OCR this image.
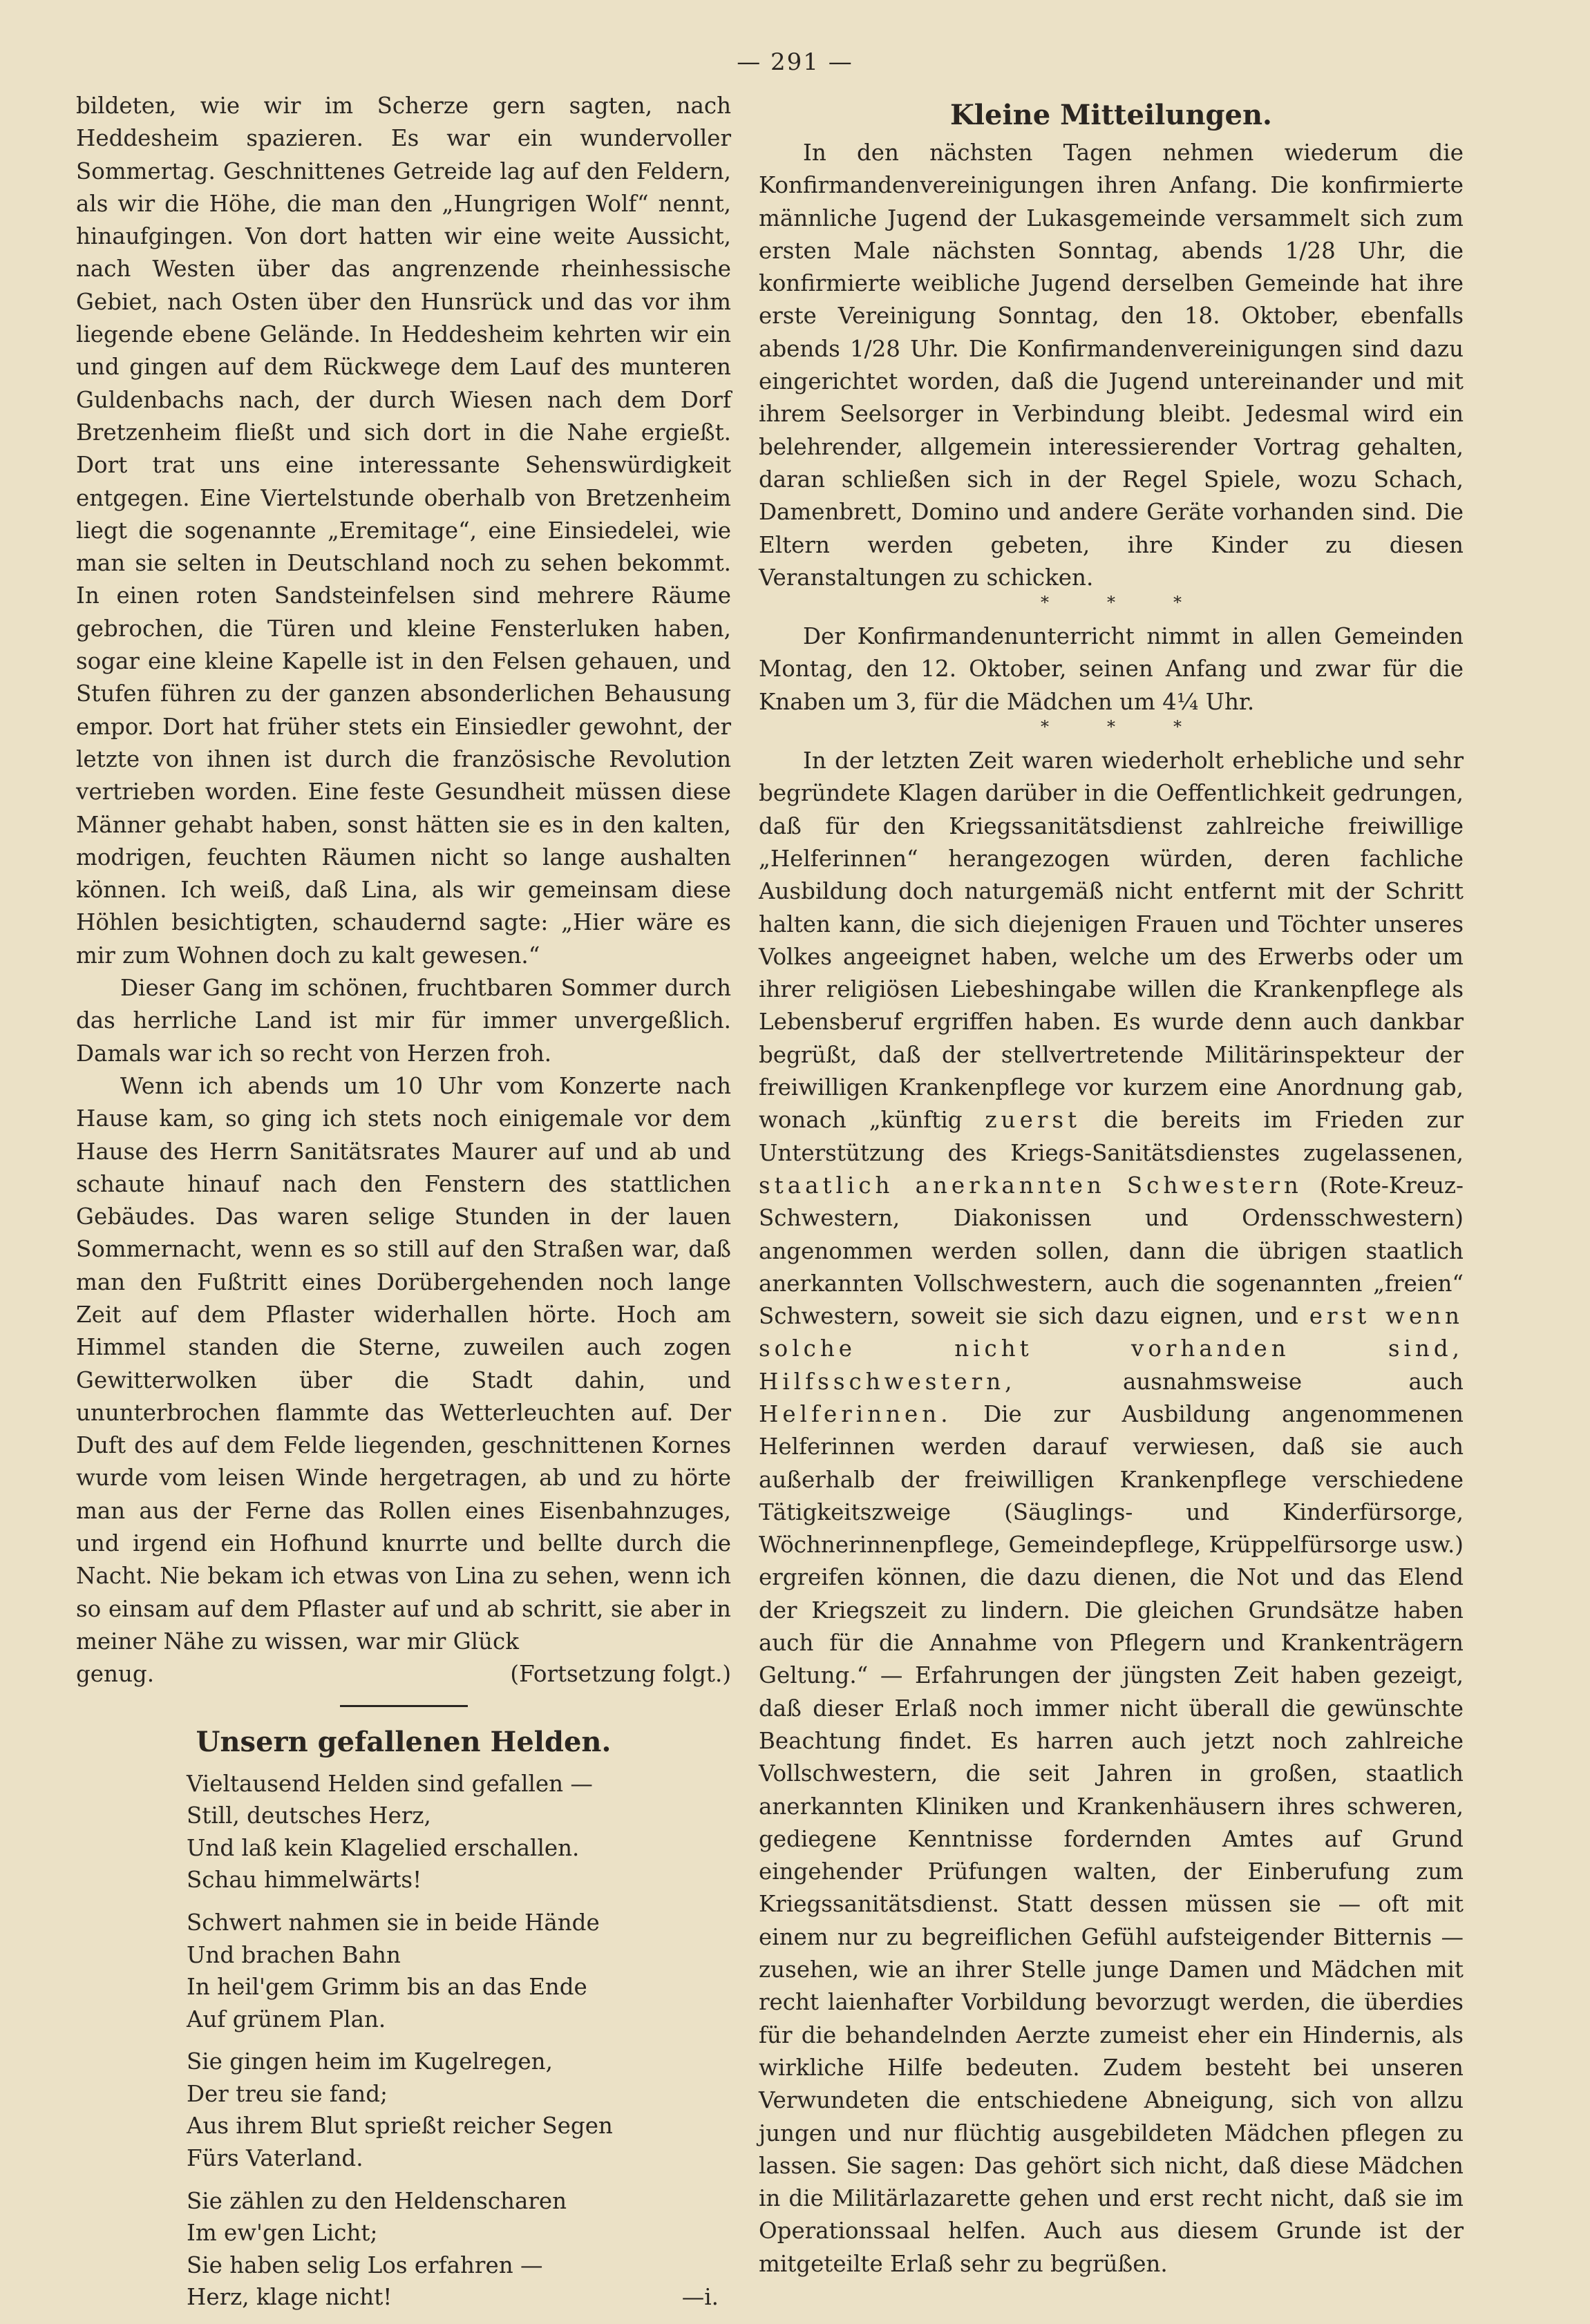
— 291 —

bildeten, wie wir im Scherze gern sagten, nach Heddesheim spazieren. Es war ein wundervoller Sommertag. Geschnittenes Getreide lag auf den Feldern, als wir die Höhe, die man den „Hungrigen Wolf“ nennt, hinaufgingen. Von dort hatten wir eine weite Aussicht, nach Westen über das angrenzende rheinhessische Gebiet, nach Osten über den Hunsrück und das vor ihm liegende ebene Gelände. In Heddesheim kehrten wir ein und gingen auf dem Rückwege dem Lauf des munteren Guldenbachs nach, der durch Wiesen nach dem Dorf Bretzenheim fließt und sich dort in die Nahe ergießt. Dort trat uns eine interessante Sehenswürdigkeit entgegen. Eine Viertelstunde oberhalb von Bretzenheim liegt die sogenannte „Eremitage“, eine Einsiedelei, wie man sie selten in Deutschland noch zu sehen bekommt. In einen roten Sandsteinfelsen sind mehrere Räume gebrochen, die Türen und kleine Fensterluken haben, sogar eine kleine Kapelle ist in den Felsen gehauen, und Stufen führen zu der ganzen absonderlichen Behausung empor. Dort hat früher stets ein Einsiedler gewohnt, der letzte von ihnen ist durch die französische Revolution vertrieben worden. Eine feste Gesundheit müssen diese Männer gehabt haben, sonst hätten sie es in den kalten, modrigen, feuchten Räumen nicht so lange aushalten können. Ich weiß, daß Lina, als wir gemeinsam diese Höhlen besichtigten, schaudernd sagte: „Hier wäre es mir zum Wohnen doch zu kalt gewesen.“

Dieser Gang im schönen, fruchtbaren Sommer durch das herrliche Land ist mir für immer unvergeßlich. Damals war ich so recht von Herzen froh.

Wenn ich abends um 10 Uhr vom Konzerte nach Hause kam, so ging ich stets noch einigemale vor dem Hause des Herrn Sanitätsrates Maurer auf und ab und schaute hinauf nach den Fenstern des stattlichen Gebäudes. Das waren selige Stunden in der lauen Sommernacht, wenn es so still auf den Straßen war, daß man den Fußtritt eines Dorübergehenden noch lange Zeit auf dem Pflaster widerhallen hörte. Hoch am Himmel standen die Sterne, zuweilen auch zogen Gewitterwolken über die Stadt dahin, und ununterbrochen flammte das Wetterleuchten auf. Der Duft des auf dem Felde liegenden, geschnittenen Kornes wurde vom leisen Winde hergetragen, ab und zu hörte man aus der Ferne das Rollen eines Eisenbahnzuges, und irgend ein Hofhund knurrte und bellte durch die Nacht. Nie bekam ich etwas von Lina zu sehen, wenn ich so einsam auf dem Pflaster auf und ab schritt, sie aber in meiner Nähe zu wissen, war mir Glück

genug.	(Fortsetzung folgt.)
Unsern gefallenen Helden.
Vieltausend Helden sind gefallen —
Still, deutsches Herz,
Und laß kein Klagelied erschallen.
Schau himmelwärts!
Schwert nahmen sie in beide Hände
Und brachen Bahn
In heil'gem Grimm bis an das Ende
Auf grünem Plan.
Sie gingen heim im Kugelregen,
Der treu sie fand;
Aus ihrem Blut sprießt reicher Segen
Fürs Vaterland.
Sie zählen zu den Heldenscharen
Im ew'gen Licht;
Sie haben selig Los erfahren —
Herz, klage nicht!	—i.
Kleine Mitteilungen.

In den nächsten Tagen nehmen wiederum die Konfirmandenvereinigungen ihren Anfang. Die konfirmierte männliche Jugend der Lukasgemeinde versammelt sich zum ersten Male nächsten Sonntag, abends 1/28 Uhr, die konfirmierte weibliche Jugend derselben Gemeinde hat ihre erste Vereinigung Sonntag, den 18. Oktober, ebenfalls abends 1/28 Uhr. Die Konfirmandenvereinigungen sind dazu eingerichtet worden, daß die Jugend untereinander und mit ihrem Seelsorger in Verbindung bleibt. Jedesmal wird ein belehrender, allgemein interessierender Vortrag gehalten, daran schließen sich in der Regel Spiele, wozu Schach, Damenbrett, Domino und andere Geräte vorhanden sind. Die Eltern werden gebeten, ihre Kinder zu diesen Veranstaltungen zu schicken.

*	*	*

Der Konfirmandenunterricht nimmt in allen Gemeinden Montag, den 12. Oktober, seinen Anfang und zwar für die Knaben um 3, für die Mädchen um 4¼ Uhr.

*	*	*

In der letzten Zeit waren wiederholt erhebliche und sehr begründete Klagen darüber in die Oeffentlichkeit gedrungen, daß für den Kriegssanitätsdienst zahlreiche freiwillige „Helferinnen“ herangezogen würden, deren fachliche Ausbildung doch naturgemäß nicht entfernt mit der Schritt halten kann, die sich diejenigen Frauen und Töchter unseres Volkes angeeignet haben, welche um des Erwerbs oder um ihrer religiösen Liebeshingabe willen die Krankenpflege als Lebensberuf ergriffen haben. Es wurde denn auch dankbar begrüßt, daß der stellvertretende Militärinspekteur der freiwilligen Krankenpflege vor kurzem eine Anordnung gab, wonach „künftig zuerst die bereits im Frieden zur Unterstützung des Kriegs-Sanitätsdienstes zugelassenen, staatlich anerkannten Schwestern (Rote-Kreuz-Schwestern, Diakonissen und Ordensschwestern) angenommen werden sollen, dann die übrigen staatlich anerkannten Vollschwestern, auch die sogenannten „freien“ Schwestern, soweit sie sich dazu eignen, und erst wenn solche nicht vorhanden sind, Hilfsschwestern,	ausnahmsweise auch Helferinnen. Die zur Ausbildung angenommenen Helferinnen werden darauf verwiesen, daß sie auch außerhalb der freiwilligen Krankenpflege verschiedene Tätigkeitszweige (Säuglings- und Kinderfürsorge, Wöchnerinnenpflege, Gemeindepflege, Krüppelfürsorge usw.) ergreifen können, die dazu dienen, die Not und das Elend der Kriegszeit zu lindern. Die gleichen Grundsätze haben auch für die Annahme von Pflegern und Krankenträgern Geltung.“ — Erfahrungen der jüngsten Zeit haben gezeigt, daß dieser Erlaß noch immer nicht überall die gewünschte Beachtung findet. Es harren auch jetzt noch zahlreiche Vollschwestern, die seit Jahren in großen, staatlich anerkannten Kliniken und Krankenhäusern ihres schweren, gediegene Kenntnisse fordernden Amtes auf Grund eingehender Prüfungen walten, der Einberufung zum Kriegssanitätsdienst. Statt dessen müssen sie — oft mit einem nur zu begreiflichen Gefühl aufsteigender Bitternis — zusehen, wie an ihrer Stelle junge Damen und Mädchen mit recht laienhafter Vorbildung bevorzugt werden, die überdies für die behandelnden Aerzte zumeist eher ein Hindernis, als wirkliche Hilfe bedeuten. Zudem besteht bei unseren Verwundeten die entschiedene Abneigung, sich von allzu jungen und nur flüchtig ausgebildeten Mädchen pflegen zu lassen. Sie sagen: Das gehört sich nicht, daß diese Mädchen in die Militärlazarette gehen und erst recht nicht, daß sie im Operationssaal helfen. Auch aus diesem Grunde ist der mitgeteilte Erlaß sehr zu begrüßen.
